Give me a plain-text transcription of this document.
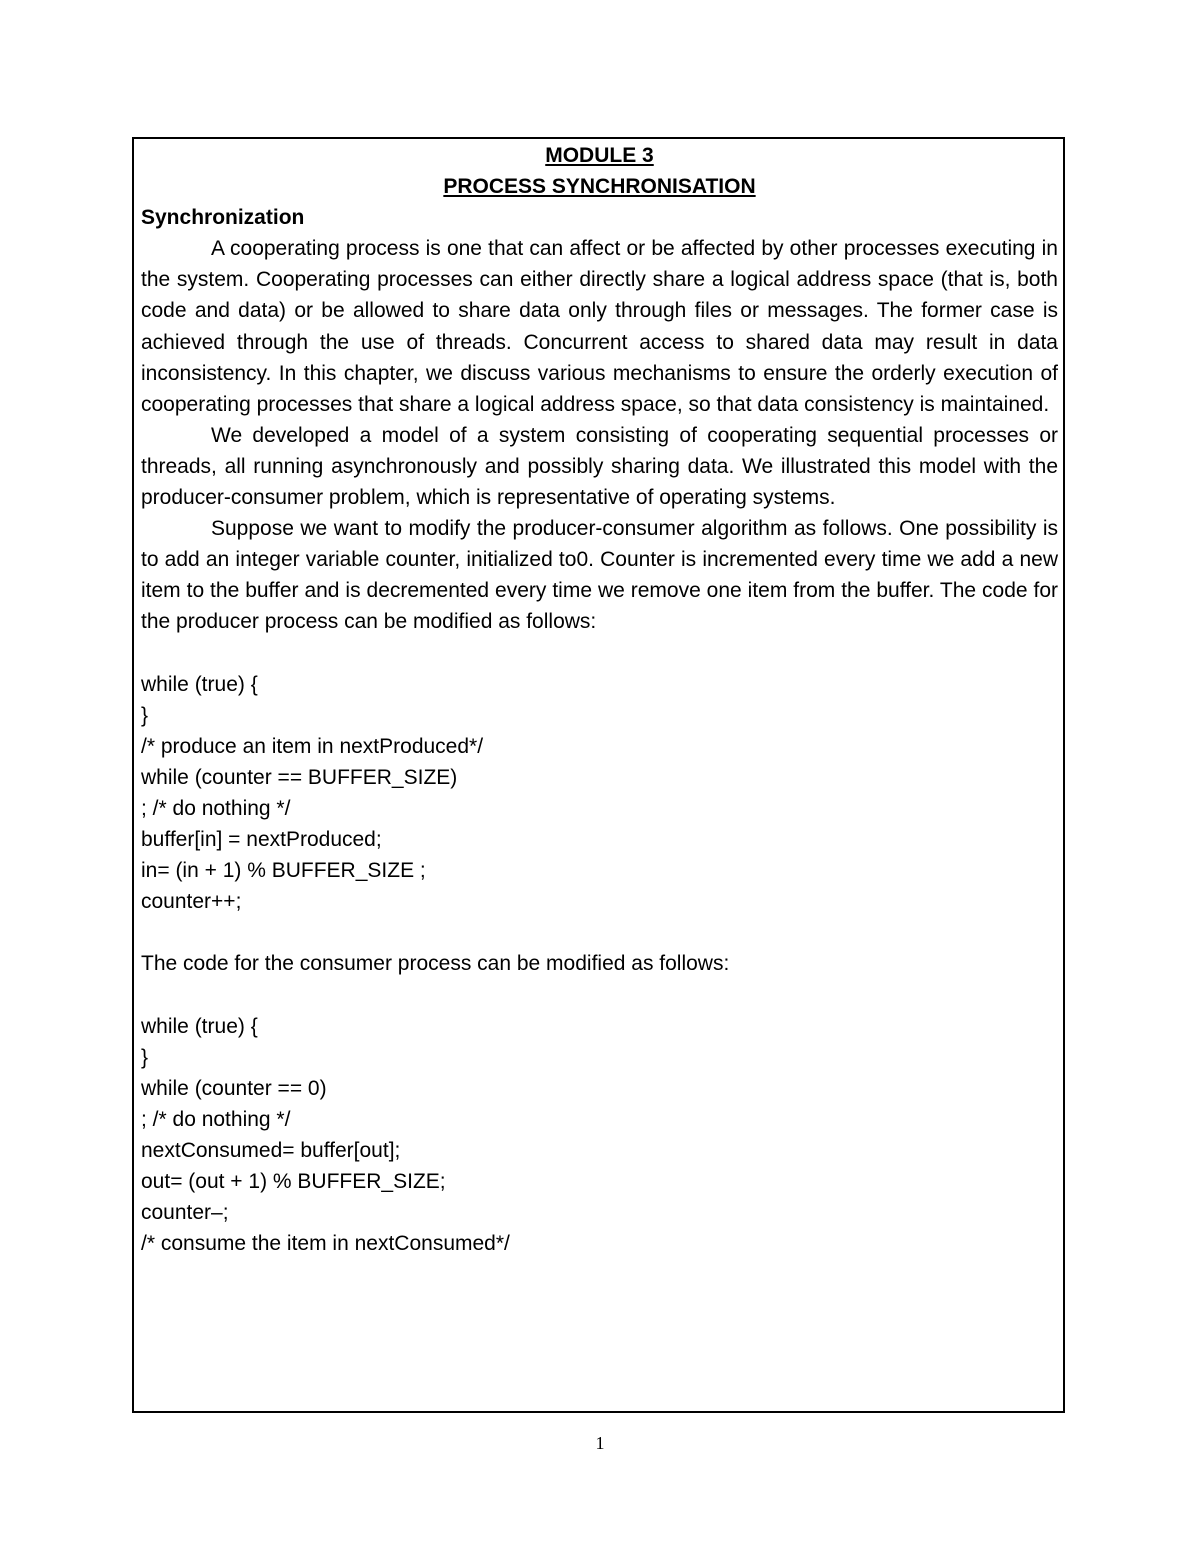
MODULE 3

PROCESS SYNCHRONISATION

Synchronization

A cooperating process is one that can affect or be affected by other processes executing in the system. Cooperating processes can either directly share a logical address space (that is, both code and data) or be allowed to share data only through files or messages. The former case is achieved through the use of threads. Concurrent access to shared data may result in data inconsistency. In this chapter, we discuss various mechanisms to ensure the orderly execution of cooperating processes that share a logical address space, so that data consistency is maintained.

We developed a model of a system consisting of cooperating sequential processes or threads, all running asynchronously and possibly sharing data. We illustrated this model with the producer-consumer problem, which is representative of operating systems.

Suppose we want to modify the producer-consumer algorithm as follows. One possibility is to add an integer variable counter, initialized to0. Counter is incremented every time we add a new item to the buffer and is decremented every time we remove one item from the buffer. The code for the producer process can be modified as follows:

while (true) {

}

/* produce an item in nextProduced*/

while (counter == BUFFER_SIZE)

; /* do nothing */

buffer[in] = nextProduced;

in= (in + 1) % BUFFER_SIZE ;

counter++;

The code for the consumer process can be modified as follows:

while (true) {

}

while (counter == 0)

; /* do nothing */

nextConsumed= buffer[out];

out= (out + 1) % BUFFER_SIZE;

counter–;

/* consume the item in nextConsumed*/

1
